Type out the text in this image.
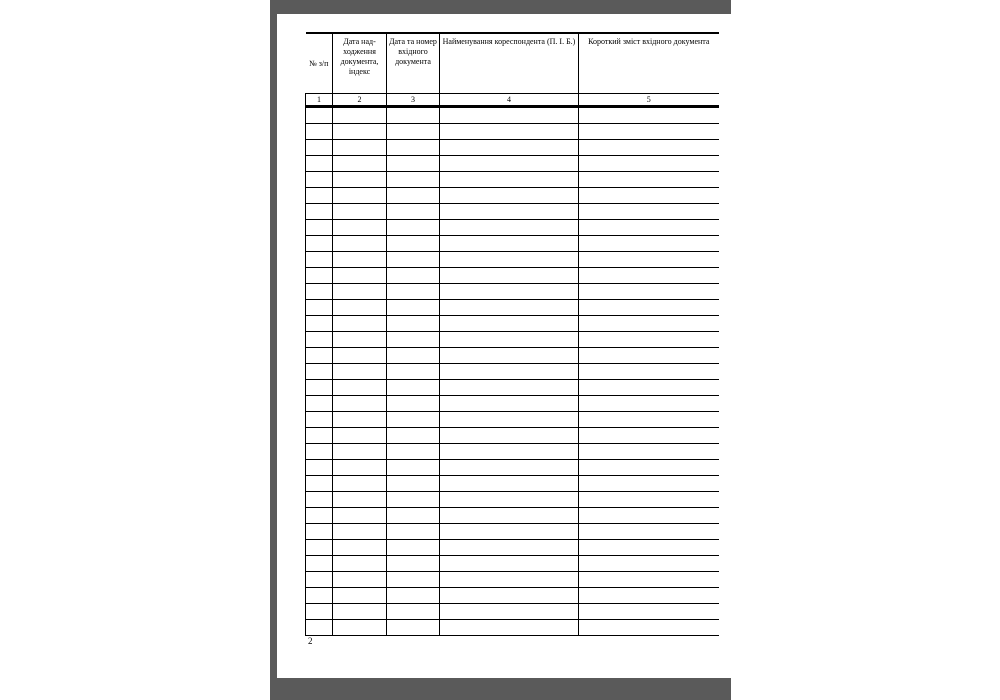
№ з/п	Дата над-ходження документа, індекс	Дата та номер вхідного документа	Найменування кореспондента (П. І. Б.)	Короткий зміст вхідного документа
1	2	3	4	5

2
